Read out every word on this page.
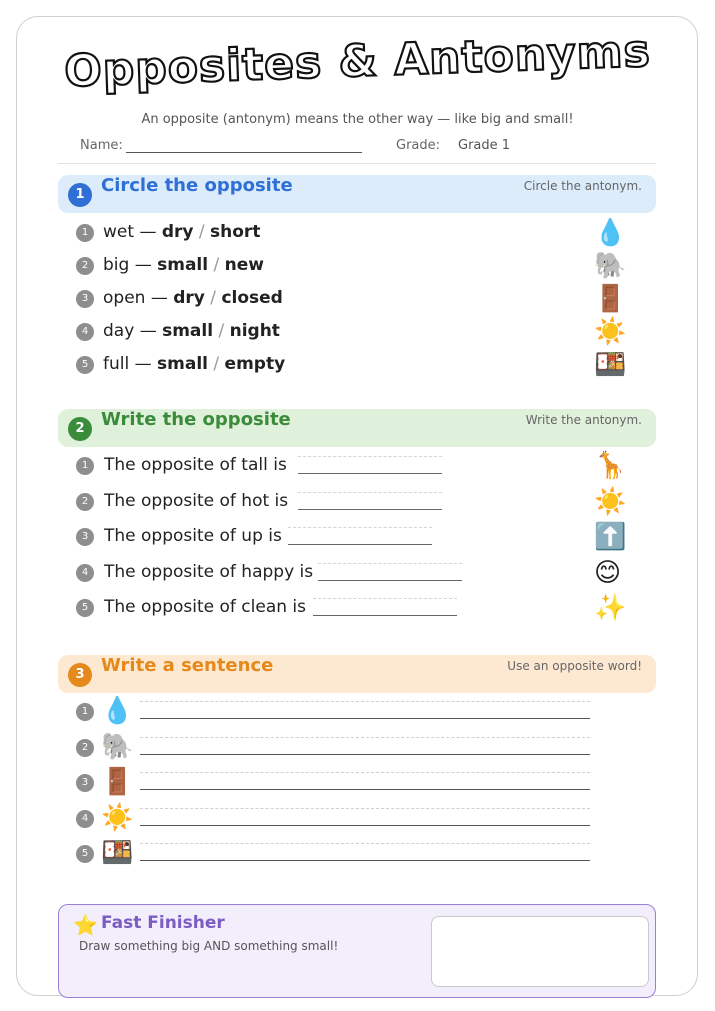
Opposites & Antonyms
An opposite (antonym) means the other way — like big and small!
Name:	Grade: Grade 1
1 Circle the opposite	Circle the antonym.
1 wet — dry / short	💧
2 big — small / new	🐘
3 open — dry / closed	🚪
4 day — small / night	☀️
5 full — small / empty	🍱
2 Write the opposite	Write the antonym.
1 The opposite of tall is	🦒
2 The opposite of hot is	☀️
3 The opposite of up is	⬆️
4 The opposite of happy is	😊
5 The opposite of clean is	✨
3 Write a sentence	Use an opposite word!
1 💧
2 🐘
3 🚪
4 ☀️
5 🍱
⭐ Fast Finisher
Draw something big AND something small!
